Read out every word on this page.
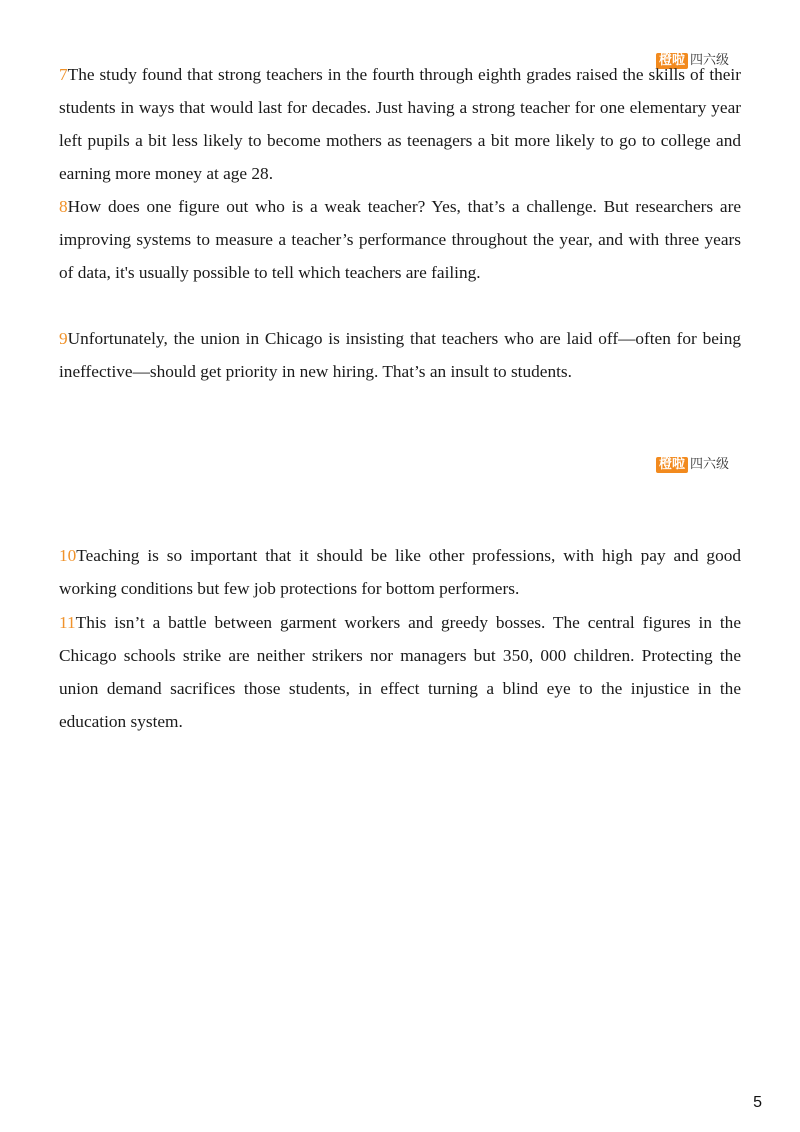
橙啦 四六级

7The study found that strong teachers in the fourth through eighth grades raised the skills of their students in ways that would last for decades. Just having a strong teacher for one elementary year left pupils a bit less likely to become mothers as teenagers a bit more likely to go to college and earning more money at age 28.

8How does one figure out who is a weak teacher? Yes, that’s a challenge. But researchers are improving systems to measure a teacher’s performance throughout the year, and with three years of data, it's usually possible to tell which teachers are failing.

9Unfortunately, the union in Chicago is insisting that teachers who are laid off—often for being ineffective—should get priority in new hiring. That’s an insult to students.

橙啦 四六级

10Teaching is so important that it should be like other professions, with high pay and good working conditions but few job protections for bottom performers.

11This isn’t a battle between garment workers and greedy bosses. The central figures in the Chicago schools strike are neither strikers nor managers but 350, 000 children. Protecting the union demand sacrifices those students, in effect turning a blind eye to the injustice in the education system.

5
